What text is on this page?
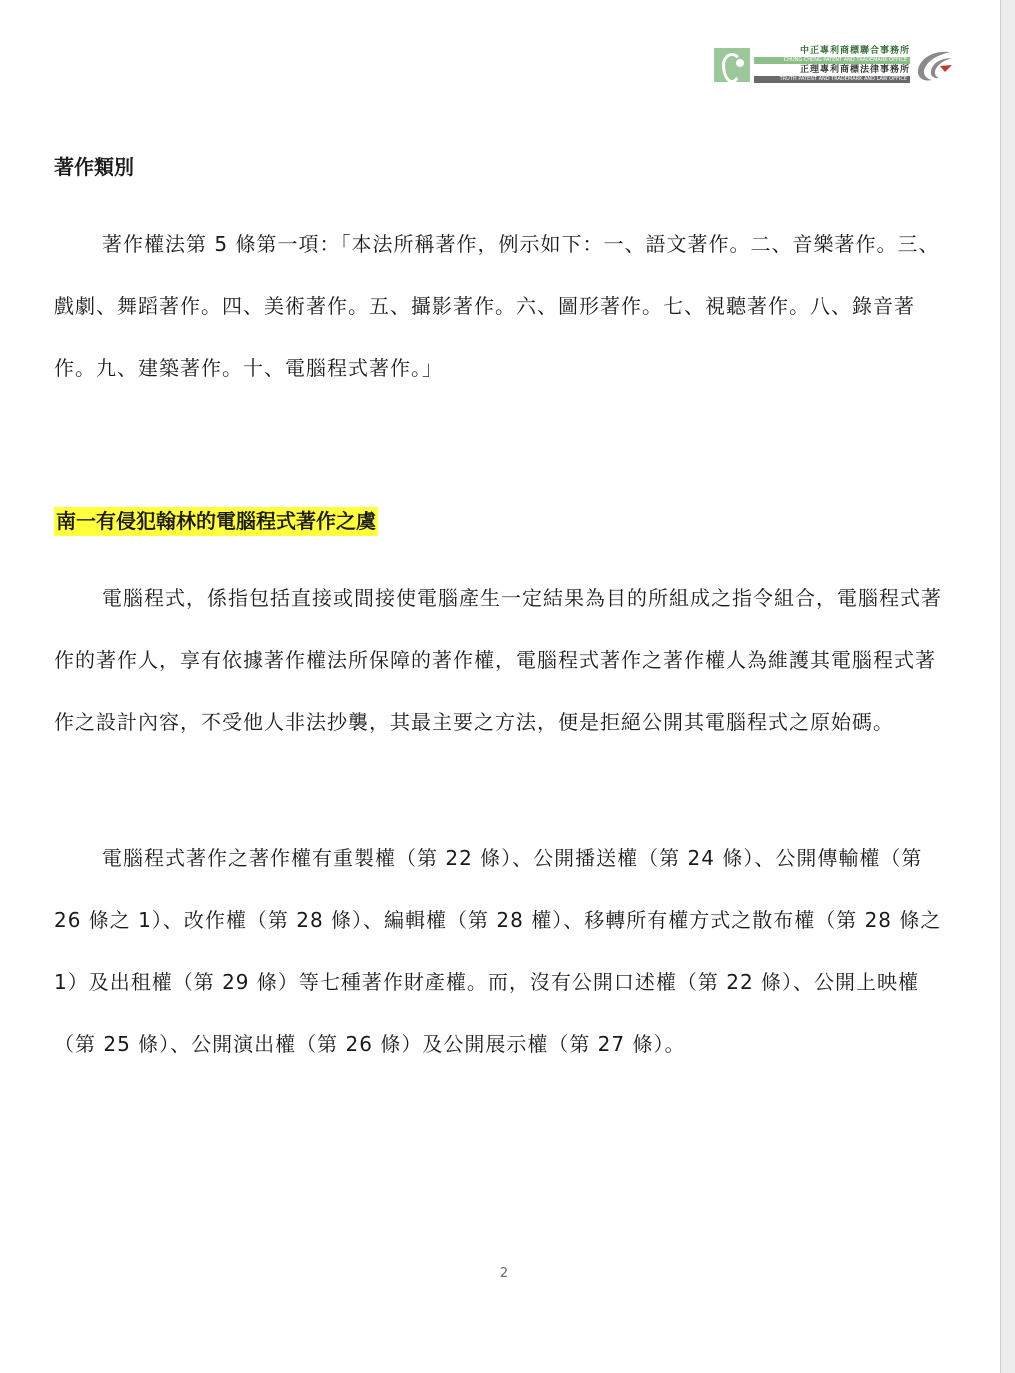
中正專利商標聯合事務所
CHUNG CHENG PATENT AND TRADEMARK OFFICE
正理專利商標法律事務所
TRUTH PATENT AND TRADEMARK AND LAW OFFICE
著作類別

著作權法第 5 條第一項：「本法所稱著作，例示如下：一、語文著作。二、音樂著作。三、戲劇、舞蹈著作。四、美術著作。五、攝影著作。六、圖形著作。七、視聽著作。八、錄音著作。九、建築著作。十、電腦程式著作。」

南一有侵犯翰林的電腦程式著作之虞

電腦程式，係指包括直接或間接使電腦產生一定結果為目的所組成之指令組合，電腦程式著作的著作人，享有依據著作權法所保障的著作權，電腦程式著作之著作權人為維護其電腦程式著作之設計內容，不受他人非法抄襲，其最主要之方法，便是拒絕公開其電腦程式之原始碼。

電腦程式著作之著作權有重製權（第 22 條）、公開播送權（第 24 條）、公開傳輸權（第 26 條之 1）、改作權（第 28 條）、編輯權（第 28 權）、移轉所有權方式之散布權（第 28 條之 1）及出租權（第 29 條）等七種著作財產權。而，沒有公開口述權（第 22 條）、公開上映權（第 25 條）、公開演出權（第 26 條）及公開展示權（第 27 條）。

2
